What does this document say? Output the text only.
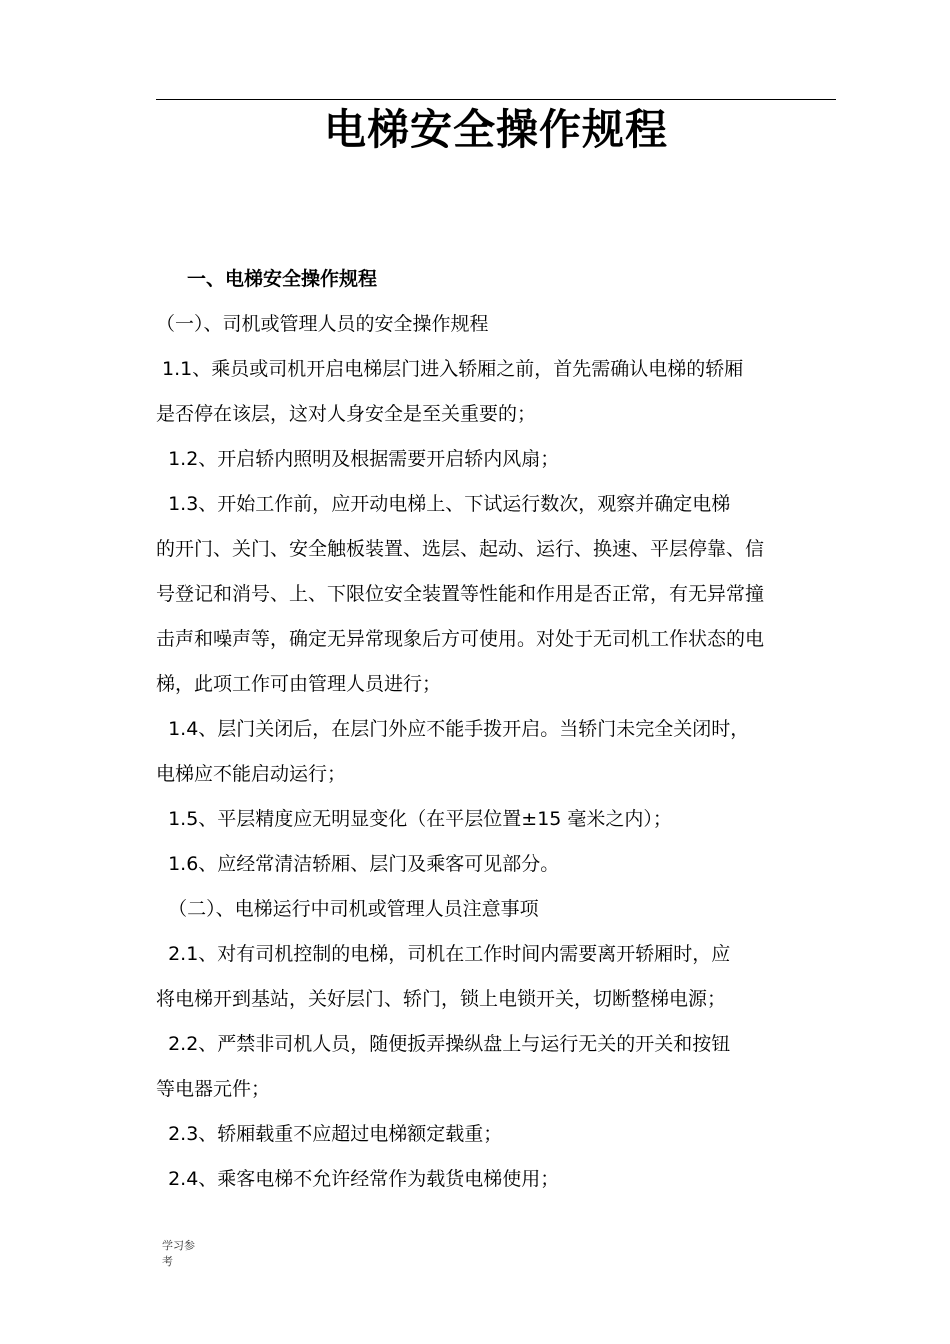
电梯安全操作规程
一、电梯安全操作规程
（一）、司机或管理人员的安全操作规程
1.1、乘员或司机开启电梯层门进入轿厢之前，首先需确认电梯的轿厢
是否停在该层，这对人身安全是至关重要的；
1.2、开启轿内照明及根据需要开启轿内风扇；
1.3、开始工作前，应开动电梯上、下试运行数次，观察并确定电梯
的开门、关门、安全触板装置、选层、起动、运行、换速、平层停靠、信
号登记和消号、上、下限位安全装置等性能和作用是否正常，有无异常撞
击声和噪声等，确定无异常现象后方可使用。对处于无司机工作状态的电
梯，此项工作可由管理人员进行；
1.4、层门关闭后，在层门外应不能手拨开启。当轿门未完全关闭时，
电梯应不能启动运行；
1.5、平层精度应无明显变化（在平层位置±15 毫米之内）；
1.6、应经常清洁轿厢、层门及乘客可见部分。
（二）、电梯运行中司机或管理人员注意事项
2.1、对有司机控制的电梯，司机在工作时间内需要离开轿厢时，应
将电梯开到基站，关好层门、轿门，锁上电锁开关，切断整梯电源；
2.2、严禁非司机人员，随便扳弄操纵盘上与运行无关的开关和按钮
等电器元件；
2.3、轿厢载重不应超过电梯额定载重；
2.4、乘客电梯不允许经常作为载货电梯使用；
学习参
考
